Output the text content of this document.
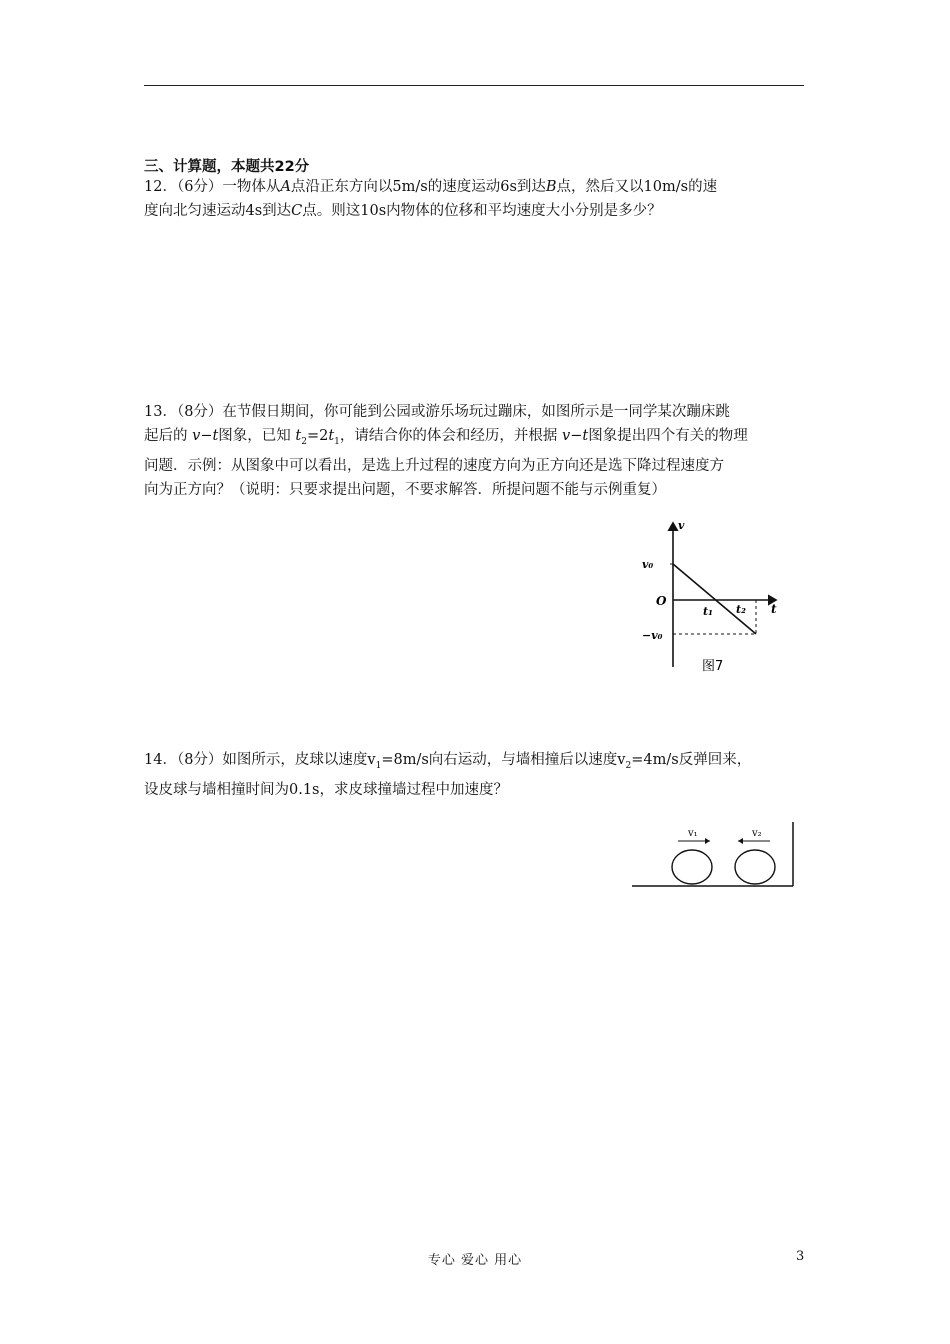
三、计算题，本题共22分

12．（6分）一物体从A点沿正东方向以5m/s的速度运动6s到达B点，然后又以10m/s的速

度向北匀速运动4s到达C点。则这10s内物体的位移和平均速度大小分别是多少？

13．（8分）在节假日期间，你可能到公园或游乐场玩过蹦床，如图所示是一同学某次蹦床跳

起后的 v−t图象，已知 $t_2=2t_1$，请结合你的体会和经历，并根据 v−t图象提出四个有关的物理

问题．示例：从图象中可以看出，是选上升过程的速度方向为正方向还是选下降过程速度方

向为正方向？（说明：只要求提出问题，不要求解答．所提问题不能与示例重复）

v
v₀
O
t₁ t₂ t
−v₀
图7

14．（8分）如图所示，皮球以速度$v_1=8m/s$向右运动，与墙相撞后以速度$v_2=4m/s$反弹回来，

设皮球与墙相撞时间为0.1s，求皮球撞墙过程中加速度？

v₁	v₂
专心 爱心 用心	3
